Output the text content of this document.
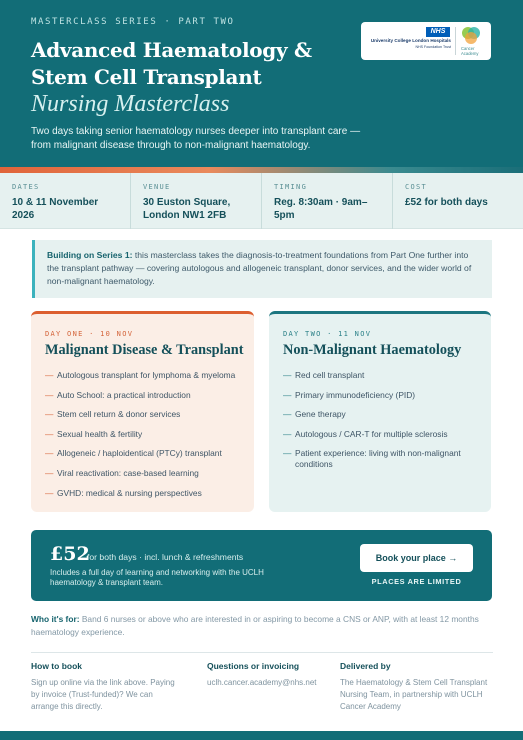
MASTERCLASS SERIES · PART TWO
Advanced Haematology &
Stem Cell Transplant
Nursing Masterclass
Two days taking senior haematology nurses deeper into transplant care — from malignant disease through to non-malignant haematology.
NHS
University College London Hospitals
NHS Foundation Trust Cancer
Academy
DATES
10 & 11 November 2026
VENUE
30 Euston Square, London NW1 2FB
TIMING
Reg. 8:30am · 9am–5pm
COST
£52 for both days
Building on Series 1: this masterclass takes the diagnosis-to-treatment foundations from Part One further into the transplant pathway — covering autologous and allogeneic transplant, donor services, and the wider world of non-malignant haematology.
DAY ONE · 10 NOV
Malignant Disease & Transplant
— Autologous transplant for lymphoma & myeloma
— Auto School: a practical introduction
— Stem cell return & donor services
— Sexual health & fertility
— Allogeneic / haploidentical (PTCy) transplant
— Viral reactivation: case-based learning
— GVHD: medical & nursing perspectives
DAY TWO · 11 NOV
Non-Malignant Haematology
— Red cell transplant
— Primary immunodeficiency (PID)
— Gene therapy
— Autologous / CAR-T for multiple sclerosis
— Patient experience: living with non-malignant conditions
£52
for both days · incl. lunch & refreshments
Includes a full day of learning and networking with the UCLH haematology & transplant team.
Book your place →
PLACES ARE LIMITED
Who it's for: Band 6 nurses or above who are interested in or aspiring to become a CNS or ANP, with at least 12 months haematology experience.
How to book
Sign up online via the link above. Paying by invoice (Trust-funded)? We can arrange this directly.
Questions or invoicing
uclh.cancer.academy@nhs.net
Delivered by
The Haematology & Stem Cell Transplant Nursing Team, in partnership with UCLH Cancer Academy
